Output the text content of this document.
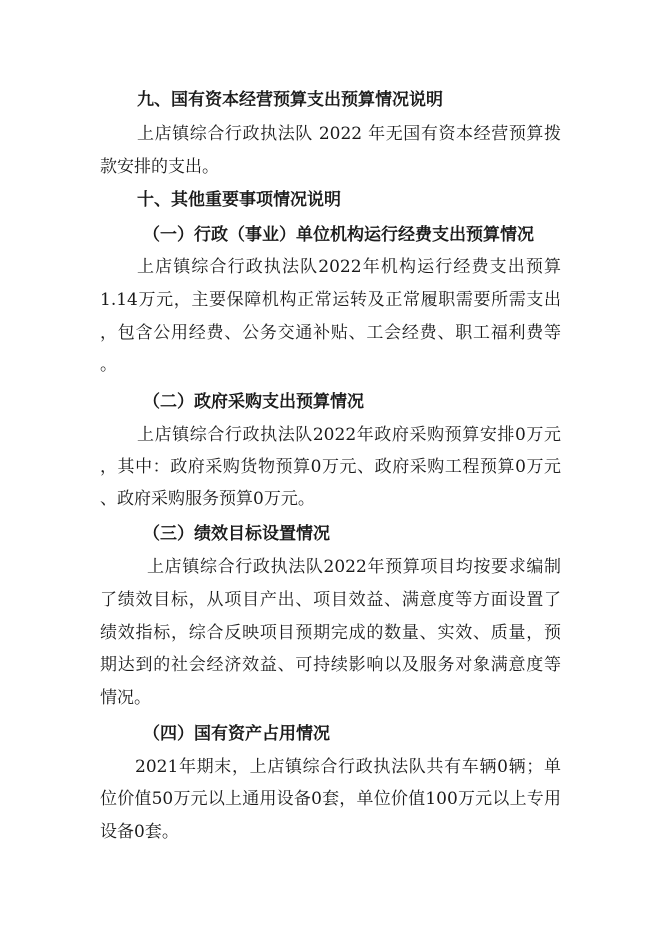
九、国有资本经营预算支出预算情况说明
上店镇综合行政执法队 2022 年无国有资本经营预算拨
款安排的支出。
十、其他重要事项情况说明
（一）行政（事业）单位机构运行经费支出预算情况
上店镇综合行政执法队2022年机构运行经费支出预算
1.14万元，主要保障机构正常运转及正常履职需要所需支出
，包含公用经费、公务交通补贴、工会经费、职工福利费等
。
（二）政府采购支出预算情况
上店镇综合行政执法队2022年政府采购预算安排0万元
，其中：政府采购货物预算0万元、政府采购工程预算0万元
、政府采购服务预算0万元。
（三）绩效目标设置情况
上店镇综合行政执法队2022年预算项目均按要求编制
了绩效目标，从项目产出、项目效益、满意度等方面设置了
绩效指标，综合反映项目预期完成的数量、实效、质量，预
期达到的社会经济效益、可持续影响以及服务对象满意度等
情况。
（四）国有资产占用情况
2021年期末，上店镇综合行政执法队共有车辆0辆；单
位价值50万元以上通用设备0套，单位价值100万元以上专用
设备0套。
